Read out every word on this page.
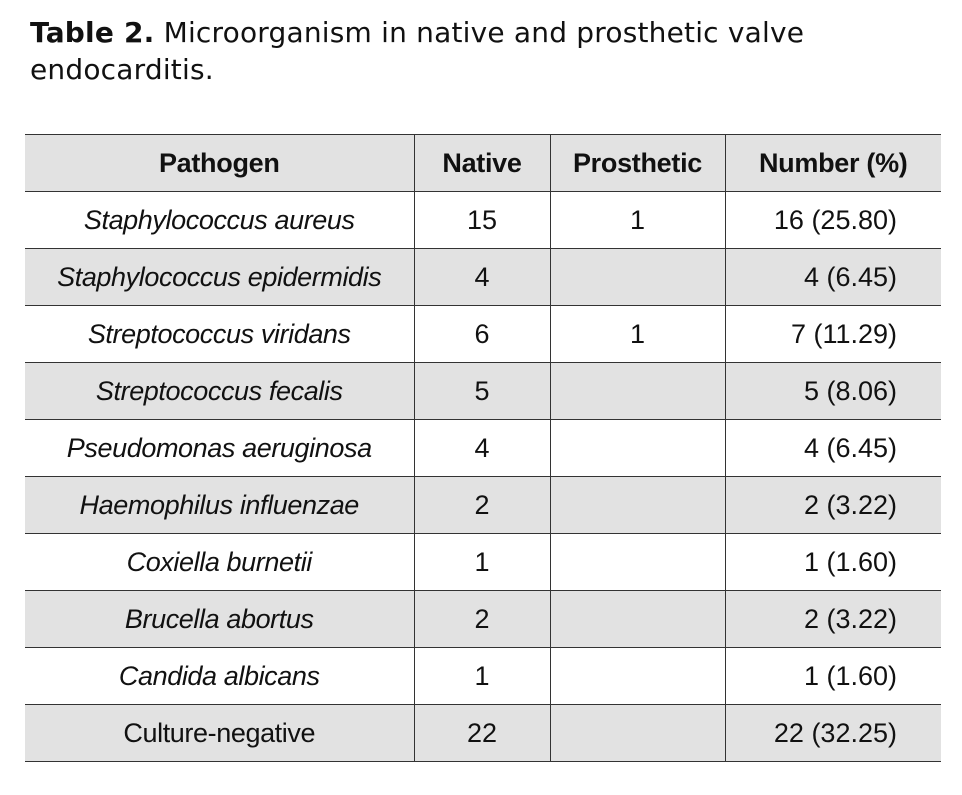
Table 2. Microorganism in native and prosthetic valve endocarditis.
Pathogen	Native	Prosthetic	Number (%)
Staphylococcus aureus	15	1	16 (25.80)
Staphylococcus epidermidis	4		4 (6.45)
Streptococcus viridans	6	1	7 (11.29)
Streptococcus fecalis	5		5 (8.06)
Pseudomonas aeruginosa	4		4 (6.45)
Haemophilus influenzae	2		2 (3.22)
Coxiella burnetii	1		1 (1.60)
Brucella abortus	2		2 (3.22)
Candida albicans	1		1 (1.60)
Culture-negative	22		22 (32.25)
